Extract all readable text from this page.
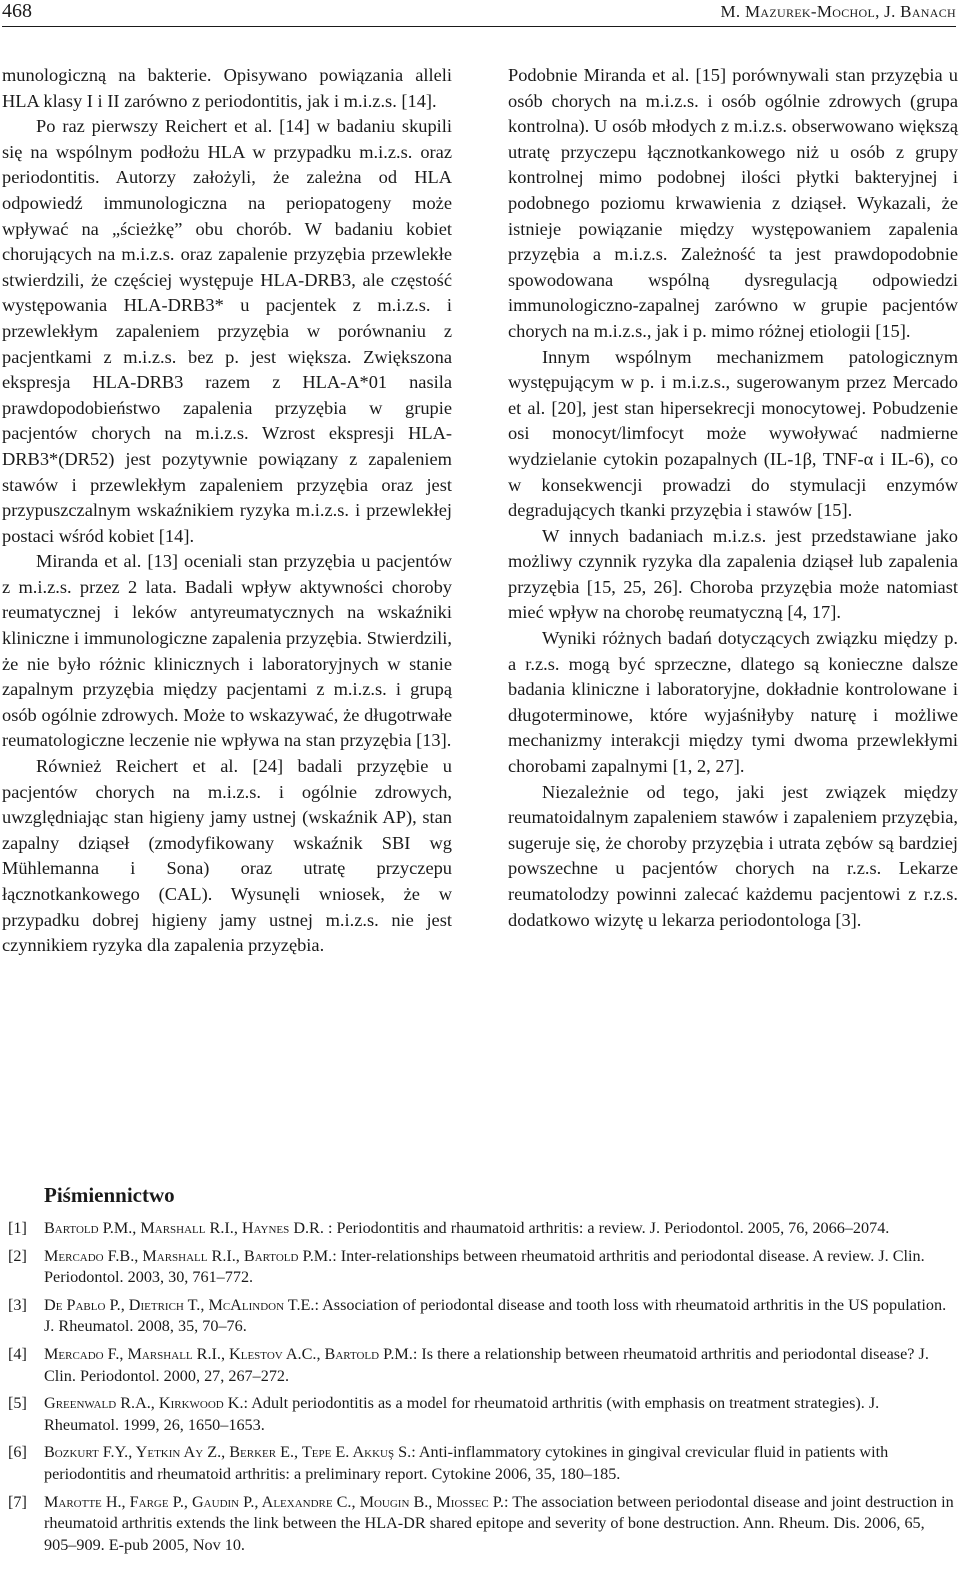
468	M. Mazurek-Mochol, J. Banach

munologiczną na bakterie. Opisywano powiązania alleli HLA klasy I i II zarówno z periodontitis, jak i m.i.z.s. [14].

Po raz pierwszy Reichert et al. [14] w badaniu skupili się na wspólnym podłożu HLA w przypadku m.i.z.s. oraz periodontitis. Autorzy założyli, że zależna od HLA odpowiedź immunologiczna na periopatogeny może wpływać na „ścieżkę” obu chorób. W badaniu kobiet chorujących na m.i.z.s. oraz zapalenie przyzębia przewlekłe stwierdzili, że częściej występuje HLA-DRB3, ale częstość występowania HLA-DRB3* u pacjentek z m.i.z.s. i przewlekłym zapaleniem przyzębia w porównaniu z pacjentkami z m.i.z.s. bez p. jest większa. Zwiększona ekspresja HLA-DRB3 razem z HLA-A*01 nasila prawdopodobieństwo zapalenia przyzębia w grupie pacjentów chorych na m.i.z.s. Wzrost ekspresji HLA-DRB3*(DR52) jest pozytywnie powiązany z zapaleniem stawów i przewlekłym zapaleniem przyzębia oraz jest przypuszczalnym wskaźnikiem ryzyka m.i.z.s. i przewlekłej postaci wśród kobiet [14].

Miranda et al. [13] oceniali stan przyzębia u pacjentów z m.i.z.s. przez 2 lata. Badali wpływ aktywności choroby reumatycznej i leków antyreumatycznych na wskaźniki kliniczne i immunologiczne zapalenia przyzębia. Stwierdzili, że nie było różnic klinicznych i laboratoryjnych w stanie zapalnym przyzębia między pacjentami z m.i.z.s. i grupą osób ogólnie zdrowych. Może to wskazywać, że długotrwałe reumatologiczne leczenie nie wpływa na stan przyzębia [13].

Również Reichert et al. [24] badali przyzębie u pacjentów chorych na m.i.z.s. i ogólnie zdrowych, uwzględniając stan higieny jamy ustnej (wskaźnik AP), stan zapalny dziąseł (zmodyfikowany wskaźnik SBI wg Mühlemanna i Sona) oraz utratę przyczepu łącznotkankowego (CAL). Wysunęli wniosek, że w przypadku dobrej higieny jamy ustnej m.i.z.s. nie jest czynnikiem ryzyka dla zapalenia przyzębia.

Podobnie Miranda et al. [15] porównywali stan przyzębia u osób chorych na m.i.z.s. i osób ogólnie zdrowych (grupa kontrolna). U osób młodych z m.i.z.s. obserwowano większą utratę przyczepu łącznotkankowego niż u osób z grupy kontrolnej mimo podobnej ilości płytki bakteryjnej i podobnego poziomu krwawienia z dziąseł. Wykazali, że istnieje powiązanie między występowaniem zapalenia przyzębia a m.i.z.s. Zależność ta jest prawdopodobnie spowodowana wspólną dysregulacją odpowiedzi immunologiczno-zapalnej zarówno w grupie pacjentów chorych na m.i.z.s., jak i p. mimo różnej etiologii [15].

Innym wspólnym mechanizmem patologicznym występującym w p. i m.i.z.s., sugerowanym przez Mercado et al. [20], jest stan hipersekrecji monocytowej. Pobudzenie osi monocyt/limfocyt może wywoływać nadmierne wydzielanie cytokin pozapalnych (IL-1β, TNF-α i IL-6), co w konsekwencji prowadzi do stymulacji enzymów degradujących tkanki przyzębia i stawów [15].

W innych badaniach m.i.z.s. jest przedstawiane jako możliwy czynnik ryzyka dla zapalenia dziąseł lub zapalenia przyzębia [15, 25, 26]. Choroba przyzębia może natomiast mieć wpływ na chorobę reumatyczną [4, 17].

Wyniki różnych badań dotyczących związku między p. a r.z.s. mogą być sprzeczne, dlatego są konieczne dalsze badania kliniczne i laboratoryjne, dokładnie kontrolowane i długoterminowe, które wyjaśniłyby naturę i możliwe mechanizmy interakcji między tymi dwoma przewlekłymi chorobami zapalnymi [1, 2, 27].

Niezależnie od tego, jaki jest związek między reumatoidalnym zapaleniem stawów i zapaleniem przyzębia, sugeruje się, że choroby przyzębia i utrata zębów są bardziej powszechne u pacjentów chorych na r.z.s. Lekarze reumatolodzy powinni zalecać każdemu pacjentowi z r.z.s. dodatkowo wizytę u lekarza periodontologa [3].

Piśmiennictwo
[1] Bartold P.M., Marshall R.I., Haynes D.R. : Periodontitis and rhaumatoid arthritis: a review. J. Periodontol. 2005, 76, 2066–2074.
[2] Mercado F.B., Marshall R.I., Bartold P.M.: Inter-relationships between rheumatoid arthritis and periodontal disease. A review. J. Clin. Periodontol. 2003, 30, 761–772.
[3] De Pablo P., Dietrich T., McAlindon T.E.: Association of periodontal disease and tooth loss with rheumatoid arthritis in the US population. J. Rheumatol. 2008, 35, 70–76.
[4] Mercado F., Marshall R.I., Klestov A.C., Bartold P.M.: Is there a relationship between rheumatoid arthritis and periodontal disease? J. Clin. Periodontol. 2000, 27, 267–272.
[5] Greenwald R.A., Kirkwood K.: Adult periodontitis as a model for rheumatoid arthritis (with emphasis on treatment strategies). J. Rheumatol. 1999, 26, 1650–1653.
[6] Bozkurt F.Y., Yetkin Ay Z., Berker E., Tepe E. Akkuş S.: Anti-inflammatory cytokines in gingival crevicular fluid in patients with periodontitis and rheumatoid arthritis: a preliminary report. Cytokine 2006, 35, 180–185.
[7] Marotte H., Farge P., Gaudin P., Alexandre C., Mougin B., Miossec P.: The association between periodontal disease and joint destruction in rheumatoid arthritis extends the link between the HLA-DR shared epitope and severity of bone destruction. Ann. Rheum. Dis. 2006, 65, 905–909. E-pub 2005, Nov 10.
